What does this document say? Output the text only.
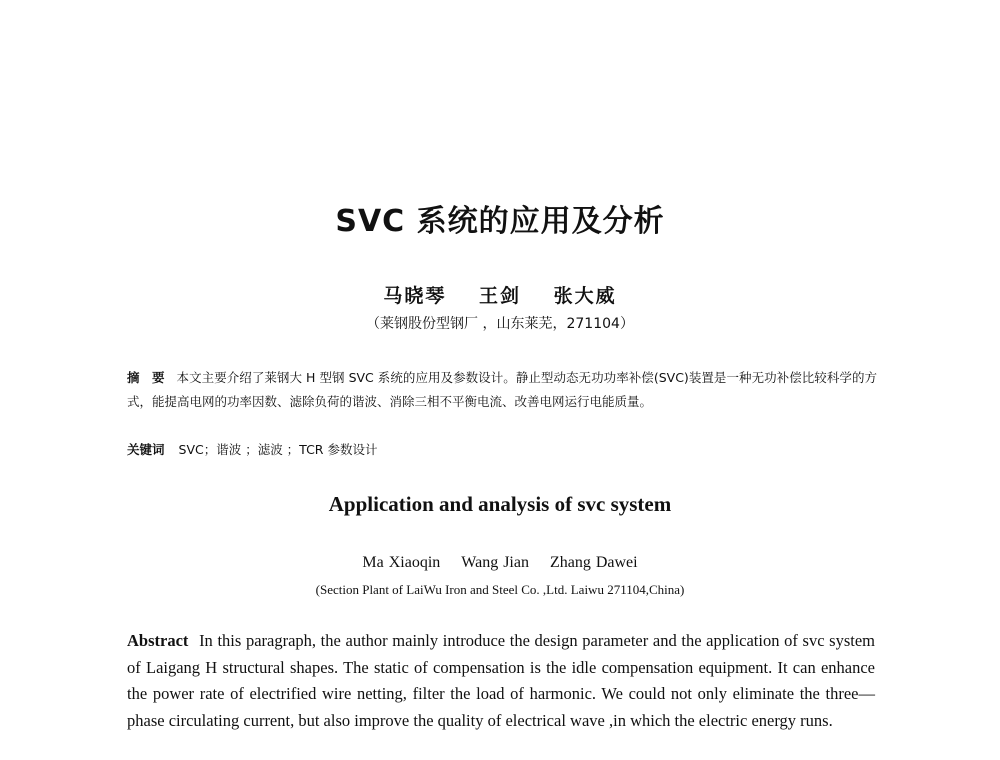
SVC 系统的应用及分析
马晓琴 王剑 张大威
（莱钢股份型钢厂 ，山东莱芜，271104）
摘　要 本文主要介绍了莱钢大 H 型钢 SVC 系统的应用及参数设计。静止型动态无功功率补偿(SVC)装置是一种无功补偿比较科学的方式，能提高电网的功率因数、滤除负荷的谐波、消除三相不平衡电流、改善电网运行电能质量。
关键词 SVC；谐波 ；滤波 ；TCR 参数设计
Application and analysis of svc system
Ma Xiaoqin Wang Jian Zhang Dawei
(Section Plant of LaiWu Iron and Steel Co. ,Ltd. Laiwu 271104,China)
Abstract In this paragraph, the author mainly introduce the design parameter and the application of svc system of Laigang H structural shapes. The static of compensation is the idle compensation equipment. It can enhance the power rate of electrified wire netting, filter the load of harmonic. We could not only eliminate the three—phase circulating current, but also improve the quality of electrical wave ,in which the electric energy runs.
